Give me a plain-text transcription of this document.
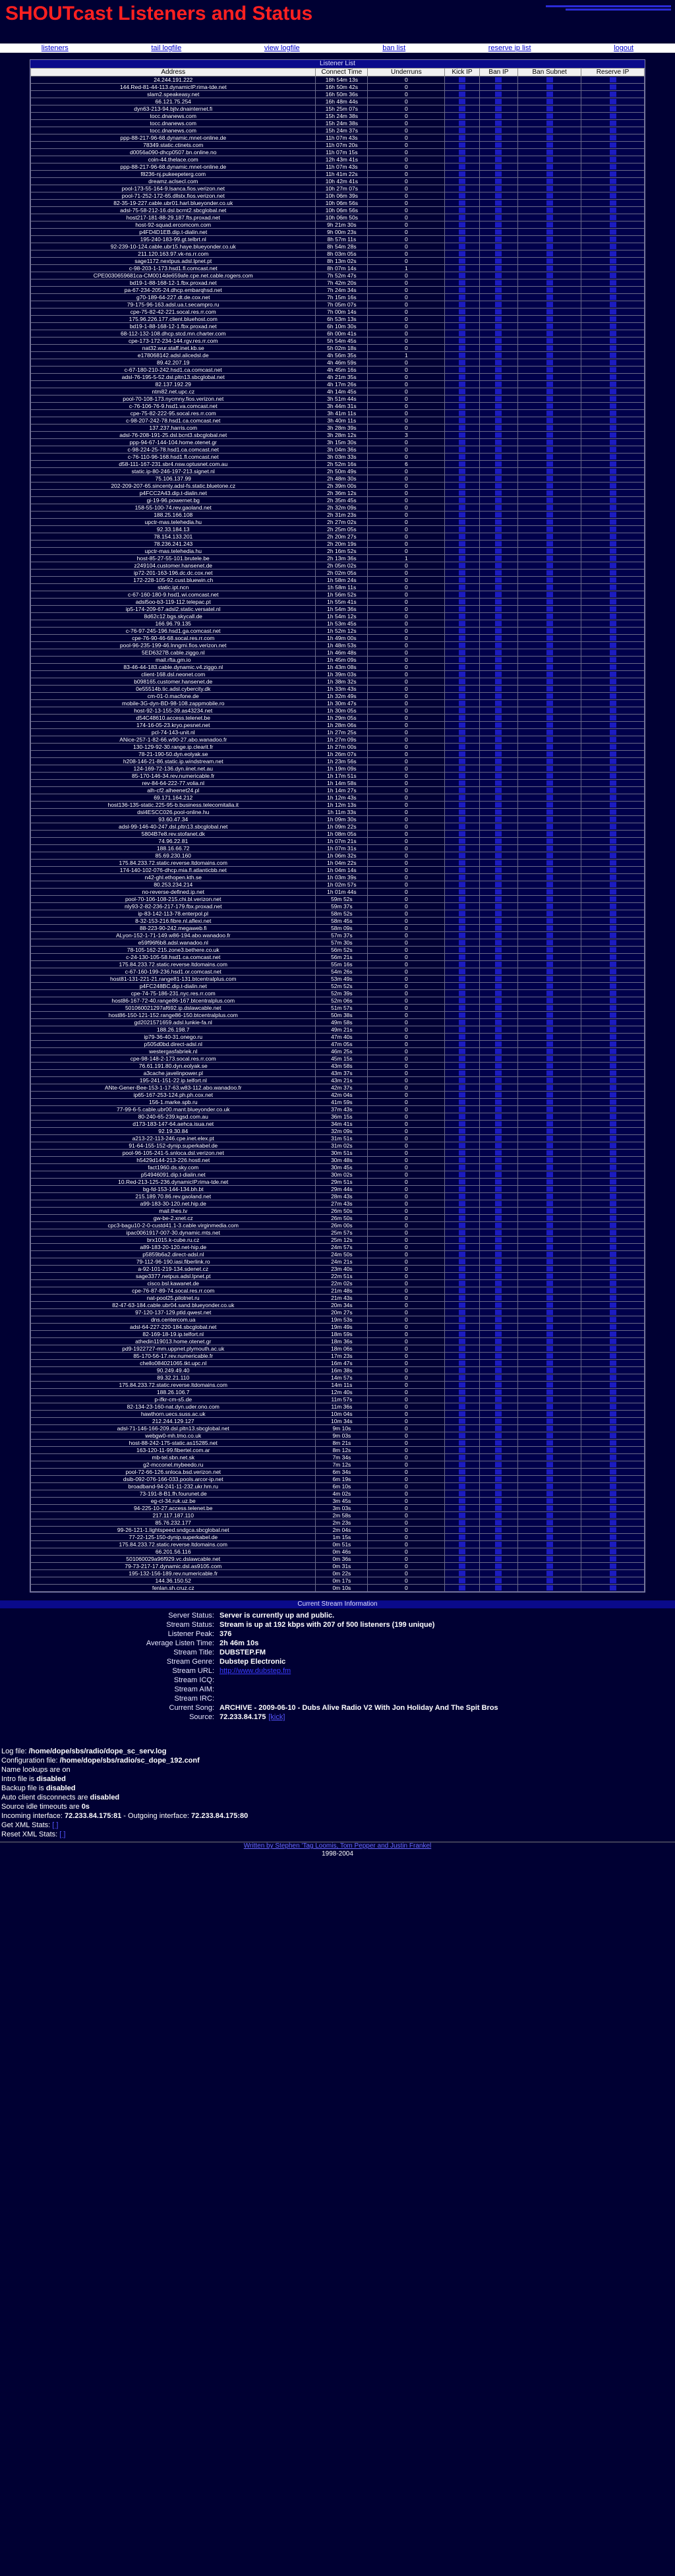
SHOUTcast Listeners and Status
listeners	tail logfile	view logfile	ban list	reserve ip list	logout
Listener List
Address	Connect Time	Underruns	Kick IP	Ban IP	Ban Subnet	Reserve IP
24.244.191.222	18h 54m 13s	0	

144.Red-81-44-113.dynamicIP.rima-tde.net	16h 50m 42s	0	

slam2.speakeasy.net	16h 50m 36s	0	

66.121.75.254	16h 48m 44s	0	

dyn63-213-94.bjtv.dnainternet.fi	15h 25m 07s	0	

tocc.dnanews.com	15h 24m 38s	0	

tocc.dnanews.com	15h 24m 38s	0	

tocc.dnanews.com	15h 24m 37s	0	

ppp-88-217-96-68.dynamic.mnet-online.de	11h 07m 43s	0	

78349.static.ctinets.com	11h 07m 20s	0	

d0056a090-dhcp0507.bn.online.no	11h 07m 15s	0	

coin-44.thelace.com	12h 43m 41s	0	

ppp-88-217-96-68.dynamic.mnet-online.de	11h 07m 43s	0	

f8236-nj.pukeepeterg.com	11h 41m 22s	0	

dreamz.aclsecl.com	10h 42m 41s	0	

pool-173-55-164-9.lsanca.fios.verizon.net	10h 27m 07s	0	

pool-71-252-172-65.dllstx.fios.verizon.net	10h 06m 39s	0	

82-35-19-227.cable.ubr01.harl.blueyonder.co.uk	10h 06m 56s	0	

adsl-75-58-212-16.dsl.bcrnt2.sbcglobal.net	10h 06m 56s	0	

host217-181-88-29.187.fts.proxad.net	10h 06m 50s	0	

host-92-squad.ercomcom.com	9h 21m 30s	0	

p4FD4D1EB.dip.t-dialin.net	9h 00m 23s	0	

195-240-183-99.gt.telbrt.nl	8h 57m 11s	0	

92-239-10-124.cable.ubr15.haye.blueyonder.co.uk	8h 54m 28s	0	

211.120.163.97.vk-ns.rr.com	8h 03m 05s	0	

sage1172.nextpus.adsl.lpnet.pt	8h 13m 02s	0	

c-98-203-1-173.hsd1.fl.comcast.net	8h 07m 14s	1	

CPE0030659681ca-CM0014de659afe.cpe.net.cable.rogers.com	7h 52m 47s	0	

bd19-1-88-168-12-1.fbx.proxad.net	7h 42m 20s	0	

pa-67-234-205-24.dhcp.embarqhsd.net	7h 24m 34s	0	

g70-189-64-227.dt.de.cox.net	7h 15m 16s	0	

79-175-96-163.adsl.ua.t.secampro.ru	7h 05m 07s	0	

cpe-75-82-42-221.socal.res.rr.com	7h 00m 14s	0	

175.96.226.177.client.bluehost.com	6h 53m 13s	0	

bd19-1-88-168-12-1.fbx.proxad.net	6h 10m 30s	0	

68-112-132-108.dhcp.stcd.mn.charter.com	6h 00m 41s	0	

cpe-173-172-234-144.rgv.res.rr.com	5h 54m 45s	0	

nat32.wur.staff.inet.kb.se	5h 02m 18s	0	

e178068142.adsl.alicedsl.de	4h 56m 35s	1	

89.42.207.19	4h 46m 59s	0	

c-67-180-210-242.hsd1.ca.comcast.net	4h 45m 16s	0	

adsl-76-195-5-52.dsl.pltn13.sbcglobal.net	4h 21m 35s	0	

82.137.192.29	4h 17m 26s	0	

ntm82.net.upc.cz	4h 14m 45s	0	

pool-70-108-173.nycmny.fios.verizon.net	3h 51m 44s	0	

c-76-106-76-9.hsd1.va.comcast.net	3h 44m 31s	0	

cpe-75-82-222-95.socal.res.rr.com	3h 41m 11s	0	

c-98-207-242-78.hsd1.ca.comcast.net	3h 40m 11s	0	

137.237.harris.com	3h 28m 39s	0	

adsl-76-208-191-25.dsl.bcnt3.sbcglobal.net	3h 28m 12s	3	

ppp-94-67-144-104.home.otenet.gr	3h 15m 30s	0	

c-98-224-25-78.hsd1.ca.comcast.net	3h 04m 36s	0	

c-76-110-96-168.hsd1.fl.comcast.net	3h 03m 33s	0	

d58-111-167-231.sbr4.nsw.optusnet.com.au	2h 52m 16s	6	

static.ip-80-246-197-213.signet.nl	2h 50m 49s	0	

75.106.137.99	2h 48m 30s	0	

202-209-207-65.sincenty.adsl-fs.static.bluetone.cz	2h 39m 00s	0	

p4FCC2A43.dip.t-dialin.net	2h 36m 12s	0	

gi-19-96.powernet.bg	2h 35m 45s	0	

158-55-100-74.rev.gaoland.net	2h 32m 09s	0	

188.25.166.108	2h 31m 23s	0	

upctr-mas.telehedia.hu	2h 27m 02s	0	

92.33.184.13	2h 25m 05s	0	

78.154.133.201	2h 20m 27s	0	

78.236.241.243	2h 20m 19s	0	

upctr-mas.telehedia.hu	2h 16m 52s	0	

host-85-27-55-101.brutele.be	2h 13m 36s	1	

z249104.customer.hansenet.de	2h 05m 02s	0	

ip72-201-163-196.dc.dc.cox.net	2h 02m 05s	0	

172-228-105-92.cust.bluewin.ch	1h 58m 24s	0	

static.ipt.ncn	1h 58m 11s	0	

c-67-160-180-9.hsd1.wi.comcast.net	1h 56m 52s	0	

adsl5oo-b3-119-112.telepac.pt	1h 55m 41s	0	

ip5-174-209-67.adsl2.static.versatel.nl	1h 54m 36s	0	

8d62c12.bgs.skycall.de	1h 54m 12s	0	

166.96.79.135	1h 53m 45s	0	

c-76-97-245-196.hsd1.ga.comcast.net	1h 52m 12s	0	

cpe-76-90-46-68.socal.res.rr.com	1h 49m 00s	0	

pool-96-235-199-46.lnngmi.fios.verizon.net	1h 48m 53s	0	

5ED6327B.cable.ziggo.nl	1h 46m 48s	0	

mail.rfta.gm.io	1h 45m 09s	0	

83-46-44-183.cable.dynamic.v4.ziggo.nl	1h 43m 08s	0	

client-168.dsl.neonet.com	1h 39m 03s	0	

b098165.customer.hansenet.de	1h 38m 32s	0	

0e55514b.tic.adsl.cybercity.dk	1h 33m 43s	0	

cm-01-0.macfone.de	1h 32m 49s	0	

mobile-3G-dyn-BD-98-108.zappmobile.ro	1h 30m 47s	0	

host-92-13-155-39.as43234.net	1h 30m 05s	0	

d54C48610.access.telenet.be	1h 29m 05s	0	

174-16-05-23.kryo.pesnet.net	1h 28m 06s	0	

pcl-74-143-unit.nl	1h 27m 25s	0	

ANice-257-1-82-66.w90-27.abo.wanadoo.fr	1h 27m 09s	0	

130-129-92-30.range.ip.clearit.fr	1h 27m 00s	0	

78-21-190-50.dyn.eolyak.se	1h 26m 07s	0	

h208-146-21-86.static.ip.windstream.net	1h 23m 56s	0	

124-169-72-136.dyn.iinet.net.au	1h 19m 09s	0	

85-170-146-34.rev.numericable.fr	1h 17m 51s	0	

rev-84-64-222-77.volia.nl	1h 14m 58s	0	

alh-cf2.alheenet24.pl	1h 14m 27s	0	

69.171.164.212	1h 12m 43s	0	

host136-135-static.225-95-b.business.telecomitalia.it	1h 12m 13s	0	

dsl4ESCC026.pool-online.hu	1h 11m 33s	0	

93.60.47.34	1h 09m 30s	0	

adsl-99-146-40-247.dsl.pltn13.sbcglobal.net	1h 09m 22s	0	

5804B7e8.rev.stofanet.dk	1h 08m 05s	0	

74.96.22.81	1h 07m 21s	0	

188.16.66.72	1h 07m 31s	0	

85.69.230.160	1h 06m 32s	0	

175.84.233.72.static.reverse.ltdomains.com	1h 04m 22s	0	

174-140-102-076-dhcp.mia.fl.atlanticbb.net	1h 04m 14s	0	

n42-ghl.ethopen.kth.se	1h 03m 39s	0	

80.253.234.214	1h 02m 57s	0	

no-reverse-defined.ip.net	1h 01m 44s	0	

pool-70-106-108-215.chi.bl.verizon.net	59m 52s	0	

nly93-2-82-236-217-179.fbx.proxad.net	59m 37s	0	

ip-83-142-113-78.enterpol.pl	58m 52s	0	

8-32-153-216.fibre.nl.aflexi.net	58m 45s	0	

88-223-90-242.megaweb.fi	58m 09s	0	

ALyon-152-1-71-149.w86-194.abo.wanadoo.fr	57m 37s	0	

e59f96f6b8.adsl.wanadoo.nl	57m 30s	0	

78-105-162-215.zone3.bethere.co.uk	56m 52s	0	

c-24-130-105-58.hsd1.ca.comcast.net	56m 21s	0	

175.84.233.72.static.reverse.ltdomains.com	55m 16s	0	

c-67-160-199-236.hsd1.or.comcast.net	54m 26s	0	

host81-131-221-21.range81-131.btcentralplus.com	53m 49s	0	

p4FC248BC.dip.t-dialin.net	52m 52s	0	

cpe-74-75-186-231.nyc.res.rr.com	52m 39s	0	

host86-167-72-40.range86-167.btcentralplus.com	52m 06s	0	

501060021297af692.ip.dslawcable.net	51m 57s	0	

host86-150-121-152.range86-150.btcentralplus.com	50m 38s	0	

gd2021571659.adsl.lunkie-fa.nl	49m 58s	0	

188.26.198.7	49m 21s	0	

ip79-36-40-31.onego.ru	47m 40s	0	

p505d0bd.direct-adsl.nl	47m 05s	0	

westergasfabriek.nl	46m 25s	0	

cpe-98-148-2-173.socal.res.rr.com	45m 15s	0	

76.61.191.80.dyn.eolyak.se	43m 58s	0	

a3cache.javelinpower.pl	43m 37s	0	

195-241-151-22.ip.telfort.nl	43m 21s	0	

ANte-Gener-Bee-153-1-17-63.w83-112.abo.wanadoo.fr	42m 37s	0	

ip65-167-253-124.ph.ph.cox.net	42m 04s	0	

156-1.marke.spb.ru	41m 59s	0	

77-99-6-5.cable.ubr00.mant.blueyonder.co.uk	37m 43s	0	

80-240-65-239.kgsd.com.au	36m 15s	0	

d173-183-147-64.aehca.isua.net	34m 41s	0	

92.19.30.84	32m 09s	0	

a213-22-113-246.cpe.inet.elex.pt	31m 51s	0	

91-64-155-152-dynip.superkabel.de	31m 02s	0	

pool-96-105-241-5.snloca.dsl.verizon.net	30m 51s	0	

h5429d144-213-226.hostl.net	30m 48s	0	

fact1960.ds.sky.com	30m 45s	0	

p54946091.dip.t-dialin.net	30m 02s	0	

10.Red-213-125-236.dynamicIP.rima-tde.net	29m 51s	0	

bg-fd-153-144-134.bh.bt	29m 44s	0	

215.189.70.86.rev.gaoland.net	28m 43s	0	

a99-183-30-120.net.hip.de	27m 43s	0	

mail.thes.tv	26m 50s	0	

gw-be-2.xnet.cz	26m 50s	0	

cpc3-bagu10-2-0-custd41.1-3.cable.virginmedia.com	26m 00s	0	

ipac0061917-007-30.dynamic.mts.net	25m 57s	0	

brx1015.k-cube.ru.cz	25m 12s	0	

a89-183-20-120.net-hip.de	24m 57s	0	

p5859b6a2.direct-adsl.nl	24m 50s	0	

79-112-96-190.iasi.fiberlink.ro	24m 21s	0	

a-92-101-219-134.sdenet.cz	23m 40s	0	

sage3377.netpus.adsl.lpnet.pt	22m 51s	0	

cisco.bsl.kawanet.de	22m 02s	0	

cpe-76-87-89-74.socal.res.rr.com	21m 48s	0	

nat-pool25.pilotnet.ru	21m 43s	0	

82-47-63-184.cable.ubr04.sand.blueyonder.co.uk	20m 34s	0	

97-120-137-129.ptld.qwest.net	20m 27s	0	

dns.centercom.ua	19m 53s	0	

adsl-64-227-220-184.sbcglobal.net	19m 49s	0	

82-169-18-19.ip.telfort.nl	18m 59s	0	

athedin119013.home.otenet.gr	18m 36s	0	

pd9-1922727-mm.uppnet.plymouth.ac.uk	18m 06s	0	

85-170-56-17.rev.numericable.fr	17m 23s	0	

chello084021065.tkt.upc.nl	16m 47s	0	

90.249.49.40	16m 38s	0	

89.32.21.110	14m 57s	0	

175.84.233.72.static.reverse.ltdomains.com	14m 11s	0	

188.26.106.7	12m 40s	0	

p-ifkr-cm-s5.de	11m 57s	0	

82-134-23-160-nat.dyn.uder.ono.com	11m 36s	0	

hawthorn.uecs.suss.ac.uk	10m 04s	0	

212.244.129.127	10m 34s	0	

adsl-71-146-166-209.dsl.pltn13.sbcglobal.net	9m 10s	0	

webgw0-mh.tmo.co.uk	9m 03s	0	

host-88-242-175-static.as15285.net	8m 21s	0	

163-120-11-99.fibertel.com.ar	8m 12s	0	

mb-tel.sbn.net.sk	7m 34s	0	

g2-mcconel.mybeedo.ru	7m 12s	0	

pool-72-66-126.snloca.bsd.verizon.net	6m 34s	0	

dsib-092-076-166-033.pools.arcor-ip.net	6m 19s	0	

broadband-94-241-11-232.ukr.hm.ru	6m 10s	0	

73-191-8-B1.fh.fourunet.de	4m 02s	0	

eg-cl-34.ruk.uz.be	3m 45s	0	

94-225-10-27.access.telenet.be	3m 03s	0	

217.117.187.110	2m 58s	0	

85.76.232.177	2m 23s	0	

99-26-121-1.lightspeed.sndgca.sbcglobal.net	2m 04s	0	

77-22-125-150-dynip.superkabel.de	1m 15s	0	

175.84.233.72.static.reverse.ltdomains.com	0m 51s	0	

66.201.56.116	0m 46s	0	

501060029a96f929.vc.dslawcable.net	0m 36s	0	

79-73-217-17.dynamic.dsl.as9105.com	0m 31s	0	

195-132-156-189.rev.numericable.fr	0m 22s	0	

144.36.150.52	0m 17s	0	

fenlan.sh.cruz.cz	0m 10s	0	

Current Stream Information
Server Status: Server is currently up and public.
Stream Status: Stream is up at 192 kbps with 207 of 500 listeners (199 unique)
Listener Peak: 376
Average Listen Time: 2h 46m 10s
Stream Title: DUBSTEP.FM
Stream Genre: Dubstep Electronic
Stream URL: http://www.dubstep.fm
Stream ICQ:
Stream AIM:
Stream IRC:
Current Song: ARCHIVE - 2009-06-10 - Dubs Alive Radio V2 With Jon Holiday And The Spit Bros
Source: 72.233.84.175 [kick]
Log file: /home/dope/sbs/radio/dope_sc_serv.log
Configuration file: /home/dope/sbs/radio/sc_dope_192.conf
Name lookups are on
Intro file is disabled
Backup file is disabled
Auto client disconnects are disabled
Source idle timeouts are 0s
Incoming interface: 72.233.84.175:81 - Outgoing interface: 72.233.84.175:80
Get XML Stats: [ ]
Reset XML Stats: [ ]
Written by Stephen 'Tag Loomis, Tom Pepper and Justin Frankel
1998-2004
